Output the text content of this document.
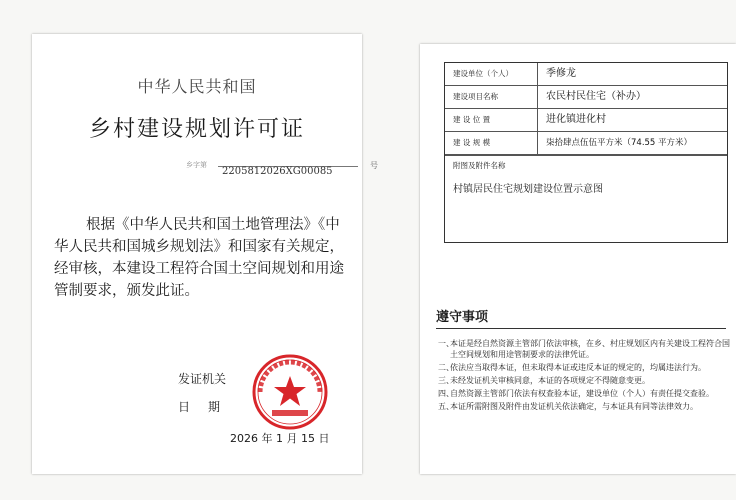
中华人民共和国
乡村建设规划许可证
乡字第
2205812026XG00085
号
根据《中华人民共和国土地管理法》《中华人民共和国城乡规划法》和国家有关规定，经审核，本建设工程符合国土空间规划和用途管制要求，颁发此证。
发证机关
日期
2026 年 1 月 15 日
建设单位（个人）	季修龙
建设项目名称	农民村民住宅（补办）
建 设 位 置	进化镇进化村
建 设 规 模	柒拾肆点伍伍平方米（74.55 平方米）
附图及附件名称
村镇居民住宅规划建设位置示意图
遵守事项
一、
本证是经自然资源主管部门依法审核，在乡、村庄规划区内有关建设工程符合国土空间规划和用途管制要求的法律凭证。
二、
依法应当取得本证，但未取得本证或违反本证的规定的，均属违法行为。
三、
未经发证机关审核同意，本证的各项规定不得随意变更。
四、
自然资源主管部门依法有权查验本证，建设单位（个人）有责任提交查验。
五、
本证所需附图及附件由发证机关依法确定，与本证具有同等法律效力。
